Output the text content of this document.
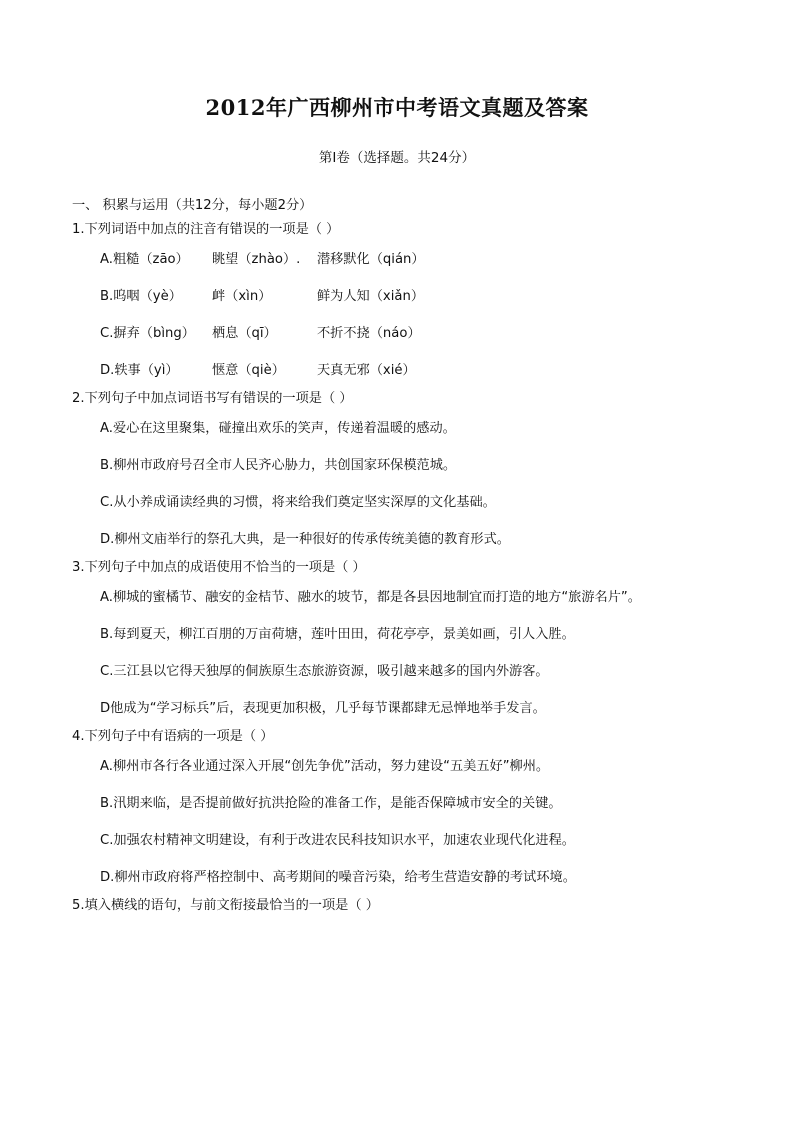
2012年广西柳州市中考语文真题及答案
第Ⅰ卷（选择题。共24分）
一、 积累与运用（共12分，每小题2分）
1.下列词语中加点的注音有错误的一项是（ ）
A.粗糙（zāo） 眺望（zhào）. 潜移默化（qián）
B.呜咽（yè） 衅（xìn）	鲜为人知（xiǎn）
C.摒弃（bìng） 栖息（qī）	不折不挠（náo）
D.轶事（yì）	惬意（qiè） 天真无邪（xié）
2.下列句子中加点词语书写有错误的一项是（ ）
A.爱心在这里聚集，碰撞出欢乐的笑声，传递着温暖的感动。
B.柳州市政府号召全市人民齐心胁力，共创国家环保模范城。
C.从小养成诵读经典的习惯，将来给我们奠定坚实深厚的文化基础。
D.柳州文庙举行的祭孔大典，是一种很好的传承传统美德的教育形式。
3.下列句子中加点的成语使用不恰当的一项是（ ）
A.柳城的蜜橘节、融安的金桔节、融水的坡节，都是各县因地制宜而打造的地方“旅游名片”。
B.每到夏天，柳江百朋的万亩荷塘，莲叶田田，荷花亭亭，景美如画，引人入胜。
C.三江县以它得天独厚的侗族原生态旅游资源，吸引越来越多的国内外游客。
D他成为“学习标兵”后，表现更加积极，几乎每节课都肆无忌惮地举手发言。
4.下列句子中有语病的一项是（ ）
A.柳州市各行各业通过深入开展“创先争优”活动，努力建设“五美五好”柳州。
B.汛期来临，是否提前做好抗洪抢险的准备工作，是能否保障城市安全的关键。
C.加强农村精神文明建设，有利于改进农民科技知识水平，加速农业现代化进程。
D.柳州市政府将严格控制中、高考期间的噪音污染，给考生营造安静的考试环境。
5.填入横线的语句，与前文衔接最恰当的一项是（ ）
